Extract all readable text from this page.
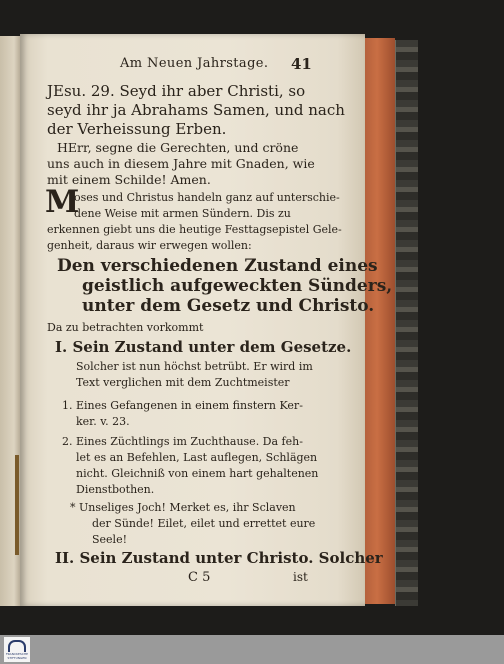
Am Neuen Jahrstage. 41
JEsu. 29. Seyd ihr aber Christi, so
seyd ihr ja Abrahams Samen, und nach
der Verheissung Erben.
HErr, segne die Gerechten, und cröne
uns auch in diesem Jahre mit Gnaden, wie
mit einem Schilde! Amen.
M
oses und Christus handeln ganz auf unterschie-
dene Weise mit armen Sündern. Dis zu
erkennen giebt uns die heutige Festtagsepistel Gele-
genheit, daraus wir erwegen wollen:
Den verschiedenen Zustand eines
geistlich aufgeweckten Sünders,
unter dem Gesetz und Christo.
Da zu betrachten vorkommt
I. Sein Zustand unter dem Gesetze.
Solcher ist nun höchst betrübt. Er wird im
Text verglichen mit dem Zuchtmeister
1. Eines Gefangenen in einem finstern Ker-
ker. v. 23.
2. Eines Züchtlings im Zuchthause. Da feh-
let es an Befehlen, Last auflegen, Schlägen
nicht. Gleichniß von einem hart gehaltenen
Dienstbothen.
* Unseliges Joch! Merket es, ihr Sclaven
der Sünde! Eilet, eilet und errettet eure
Seele!
II. Sein Zustand unter Christo. Solcher
C 5	ist
FRANCKESCHE
STIFTUNGEN
